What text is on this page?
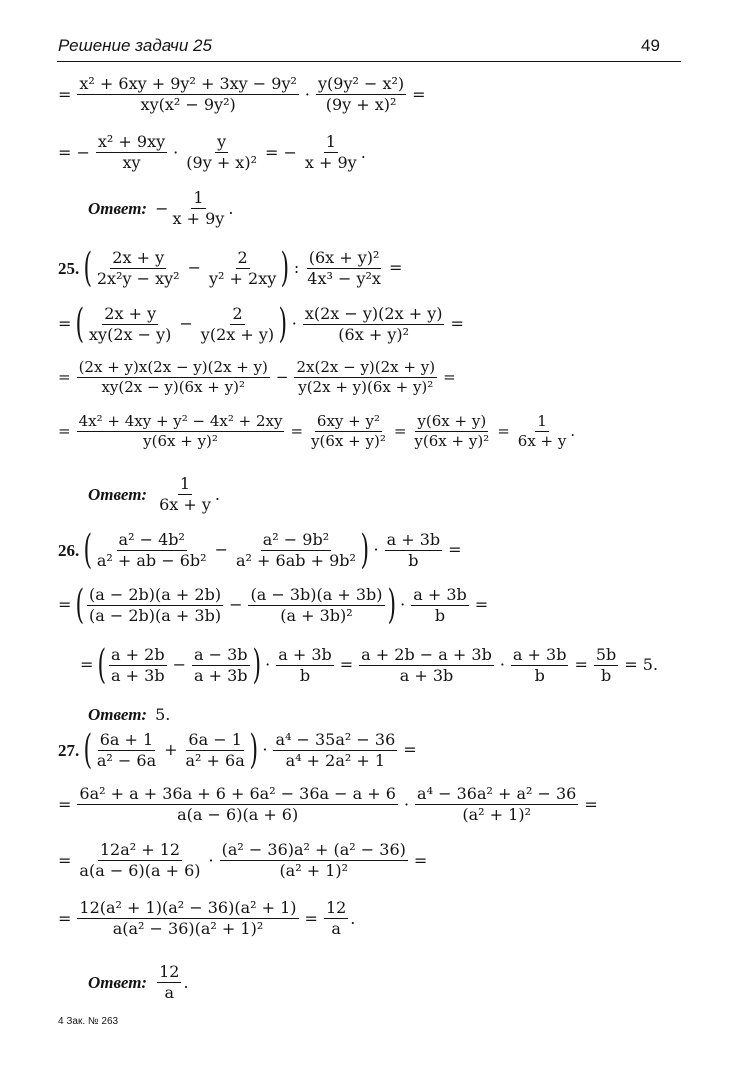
Решение задачи 25	49
= $\frac{\text{x² + 6xy + 9y² + 3xy − 9y²}}{\text{xy(x² − 9y²)}} \cdot \frac{\text{y(9y² − x²)}}{\text{(9y + x)²}}$ =
= − $\frac{\text{x² + 9xy}}{xy} \cdot \frac{y}{\text{(9y + x)²}}$ = − $\frac{1}{x + 9y}$ .
Ответ: − $\frac{1}{x + 9y}$ .
25. ( $\frac{2x + y}{\text{2x²y − xy²}} - \frac{2}{\text{y² + 2xy}}$ ) : $\frac{\text{(6x + y)²}}{\text{4x³ − y²x}}$ =
= ( $\frac{2x + y}{xy(2x - y)} - \frac{2}{y(2x + y)}$ ) · $\frac{x(2x - y)(2x + y)}{\text{(6x + y)²}}$ =
= $\frac{(2x + y)x(2x - y)(2x + y)}{\text{xy(2x − y)(6x + y)²}} - \frac{2x(2x - y)(2x + y)}{\text{y(2x + y)(6x + y)²}}$ =
= $\frac{\text{4x² + 4xy + y² − 4x² + 2xy}}{\text{y(6x + y)²}} = \frac{\text{6xy + y²}}{\text{y(6x + y)²}} = \frac{y(6x + y)}{\text{y(6x + y)²}} = \frac{1}{6x + y}$ .
Ответ: $\frac{1}{6x + y}$ .
26. ( $\frac{\text{a² − 4b²}}{\text{a² + ab − 6b²}} - \frac{\text{a² − 9b²}}{\text{a² + 6ab + 9b²}}$ ) · $\frac{a + 3b}{b}$ =
= ( $\frac{(a - 2b)(a + 2b)}{(a - 2b)(a + 3b)} - \frac{(a - 3b)(a + 3b)}{\text{(a + 3b)²}}$ ) · $\frac{a + 3b}{b}$ =
= ( $\frac{a + 2b}{a + 3b} - \frac{a - 3b}{a + 3b}$ ) · $\frac{a + 3b}{b} = \frac{a + 2b - a + 3b}{a + 3b} \cdot \frac{a + 3b}{b} = \frac{5b}{b} = 5$.
Ответ: 5.
27. ( $\frac{6a + 1}{\text{a² − 6a}} + \frac{6a - 1}{\text{a² + 6a}}$ ) · $\frac{\text{a⁴ − 35a² − 36}}{\text{a⁴ + 2a² + 1}}$ =
= $\frac{\text{6a² + a + 36a + 6 + 6a² − 36a − a + 6}}{a(a - 6)(a + 6)} \cdot \frac{\text{a⁴ − 36a² + a² − 36}}{\text{(a² + 1)²}}$ =
= $\frac{\text{12a² + 12}}{a(a - 6)(a + 6)} \cdot \frac{\text{(a² − 36)a² + (a² − 36)}}{\text{(a² + 1)²}}$ =
= $\frac{\text{12(a² + 1)(a² − 36)(a² + 1)}}{\text{a(a² − 36)(a² + 1)²}} = \frac{12}{a}$ .
Ответ: $\frac{12}{a}$ .
4 Зак. № 263
